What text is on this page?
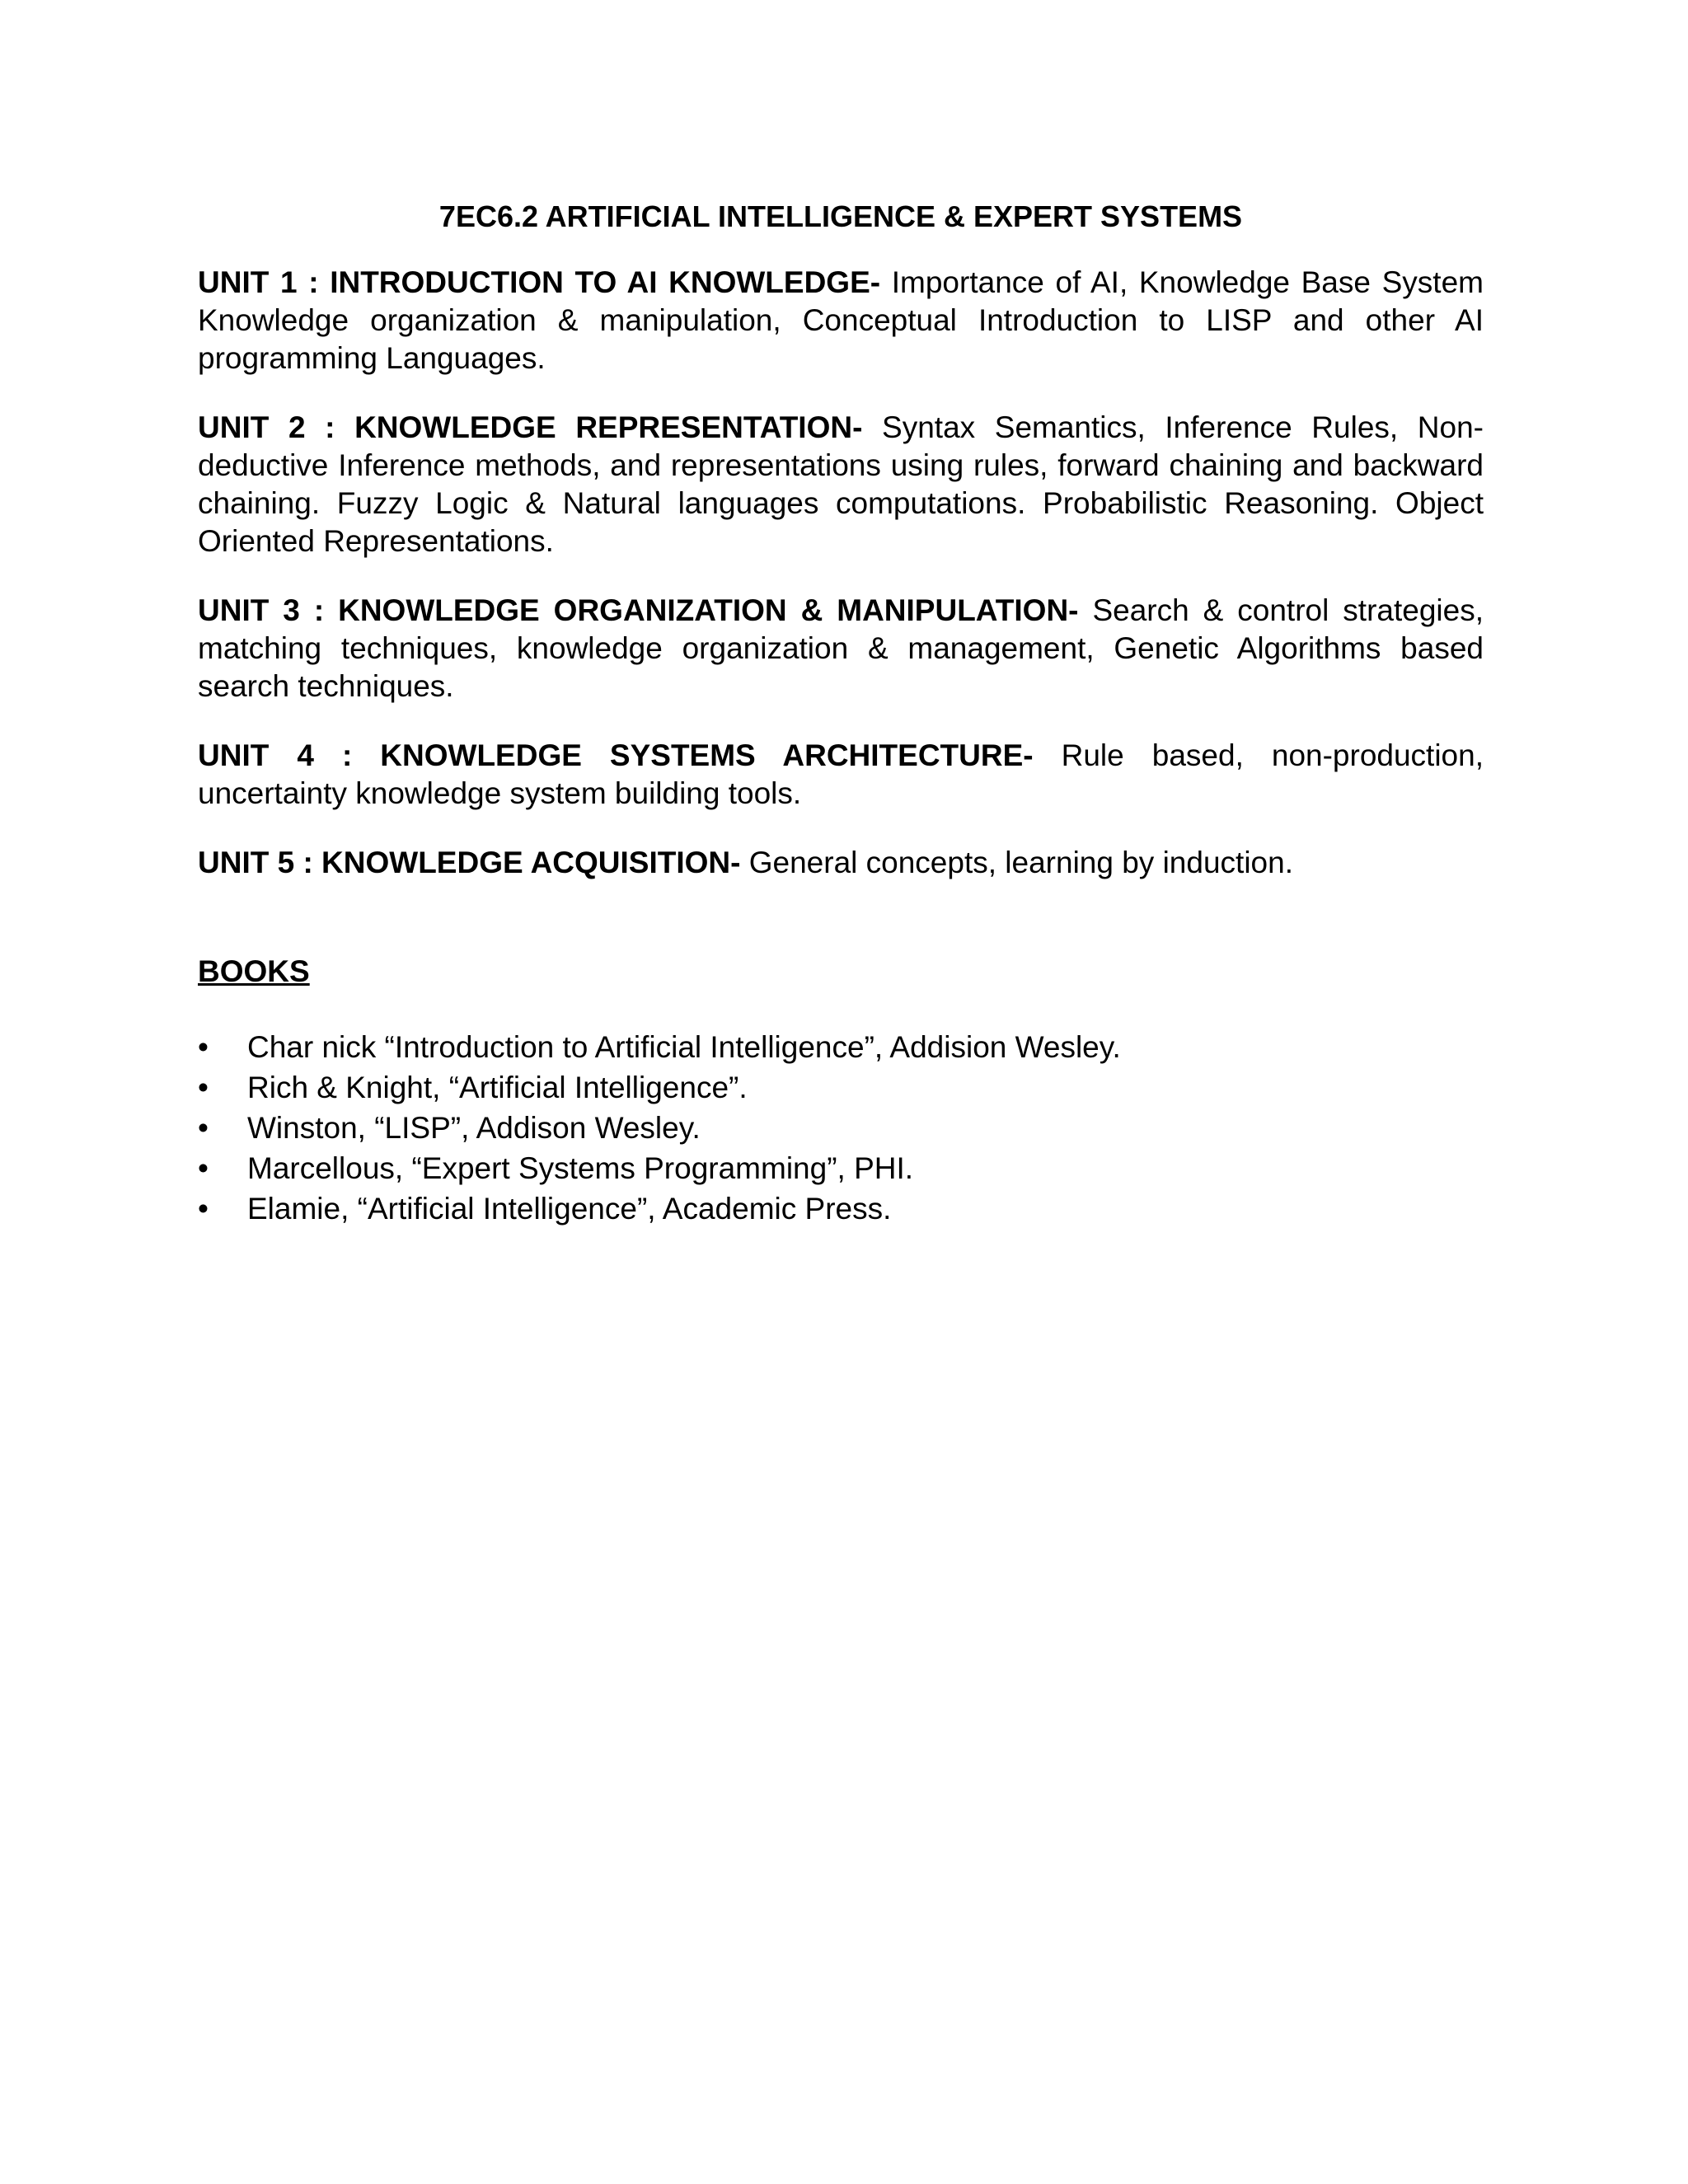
7EC6.2 ARTIFICIAL INTELLIGENCE & EXPERT SYSTEMS

UNIT 1 : INTRODUCTION TO AI KNOWLEDGE- Importance of AI, Knowledge Base System Knowledge organization & manipulation, Conceptual Introduction to LISP and other AI programming Languages.

UNIT 2 : KNOWLEDGE REPRESENTATION- Syntax Semantics, Inference Rules, Non-deductive Inference methods, and representations using rules, forward chaining and backward chaining. Fuzzy Logic & Natural languages computations. Probabilistic Reasoning. Object Oriented Representations.

UNIT 3 : KNOWLEDGE ORGANIZATION & MANIPULATION- Search & control strategies, matching techniques, knowledge organization & management, Genetic Algorithms based search techniques.

UNIT 4 : KNOWLEDGE SYSTEMS ARCHITECTURE- Rule based, non-production, uncertainty knowledge system building tools.

UNIT 5 : KNOWLEDGE ACQUISITION- General concepts, learning by induction.

BOOKS
• Char nick “Introduction to Artificial Intelligence”, Addision Wesley.
• Rich & Knight, “Artificial Intelligence”.
• Winston, “LISP”, Addison Wesley.
• Marcellous, “Expert Systems Programming”, PHI.
• Elamie, “Artificial Intelligence”, Academic Press.
